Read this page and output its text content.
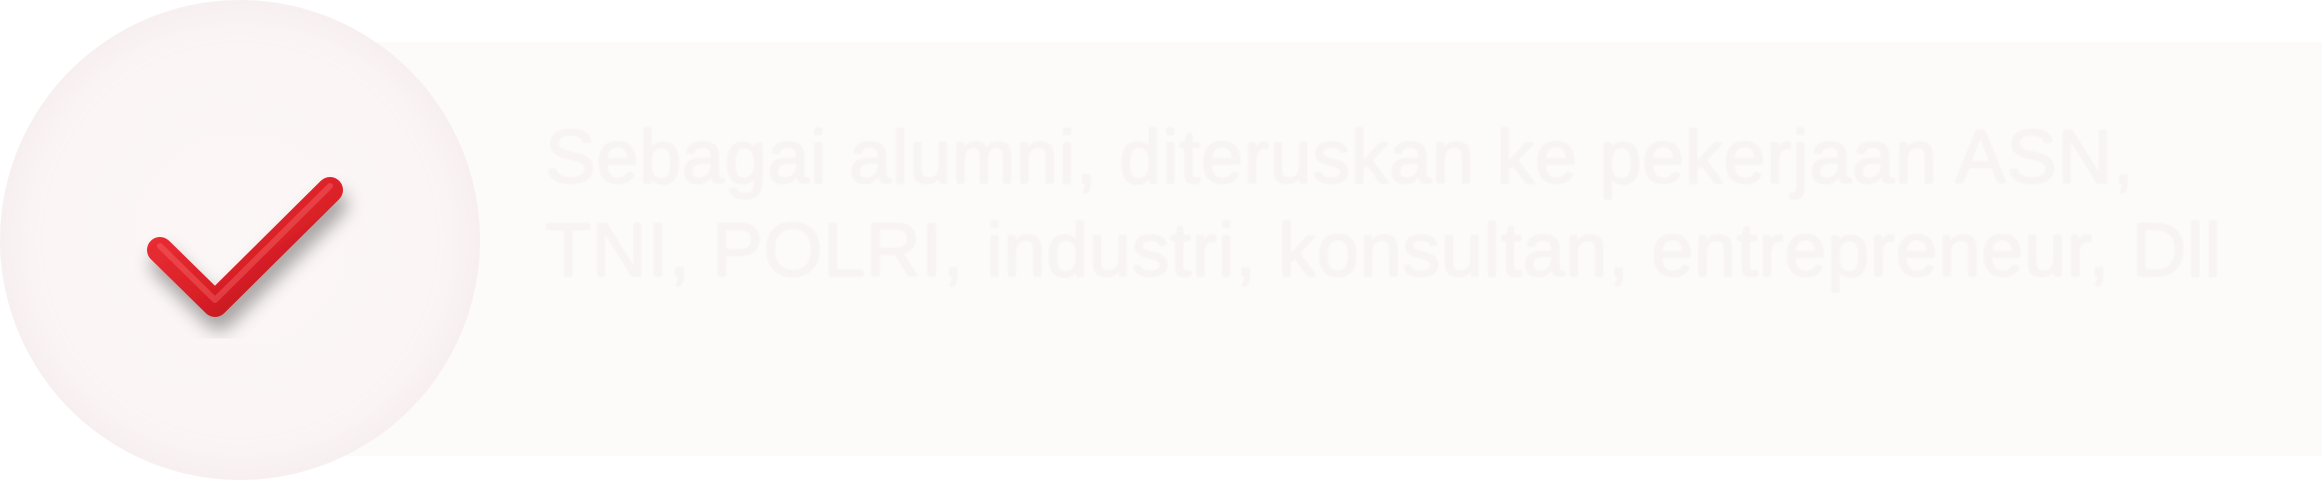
Sebagai alumni, diteruskan ke pekerjaan ASN, TNI, POLRI, industri, konsultan, entrepreneur, Dll
